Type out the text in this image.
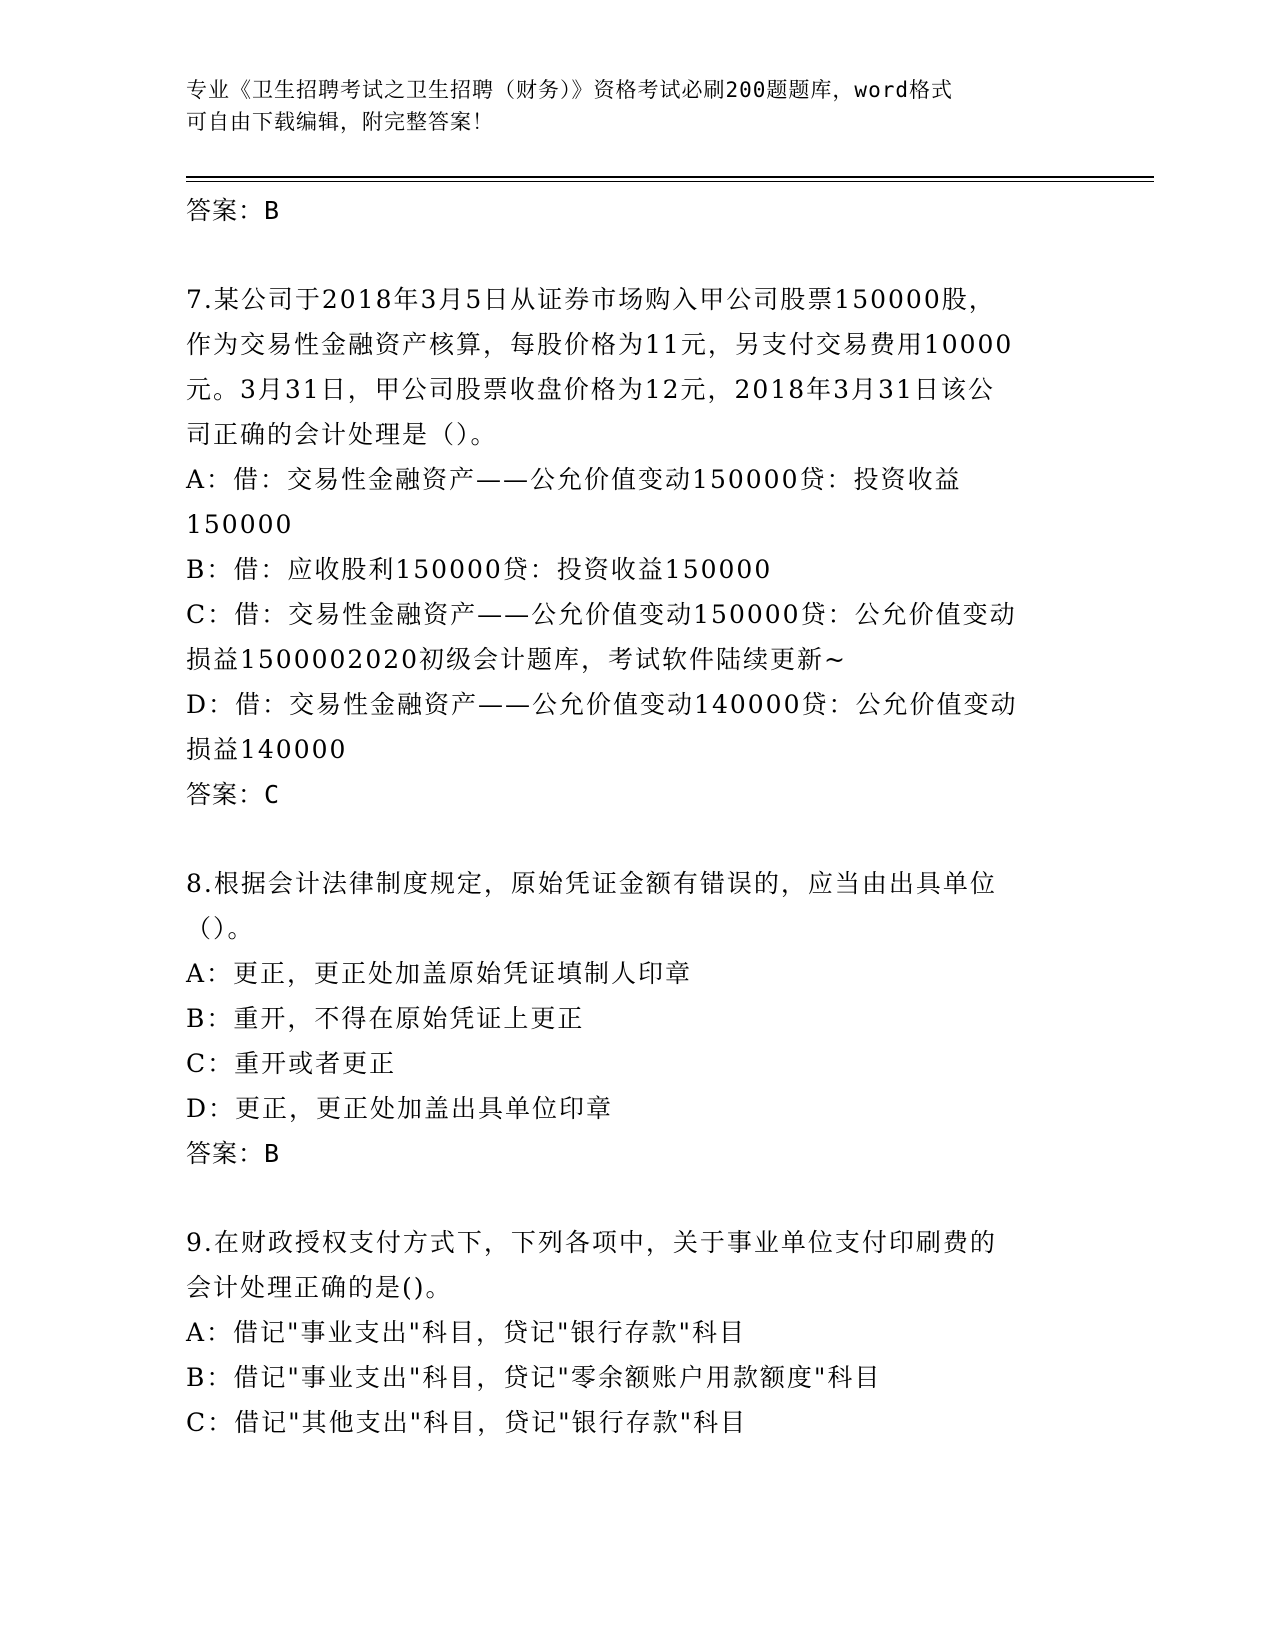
专业《卫生招聘考试之卫生招聘（财务）》资格考试必刷200题题库，word格式
可自由下载编辑，附完整答案！

答案：B

7.某公司于2018年3月5日从证券市场购入甲公司股票150000股，

作为交易性金融资产核算，每股价格为11元，另支付交易费用10000

元。3月31日，甲公司股票收盘价格为12元，2018年3月31日该公

司正确的会计处理是（）。

A：借：交易性金融资产——公允价值变动150000贷：投资收益

150000

B：借：应收股利150000贷：投资收益150000

C：借：交易性金融资产——公允价值变动150000贷：公允价值变动

损益1500002020初级会计题库，考试软件陆续更新~

D：借：交易性金融资产——公允价值变动140000贷：公允价值变动

损益140000

答案：C

8.根据会计法律制度规定，原始凭证金额有错误的，应当由出具单位

（）。

A：更正，更正处加盖原始凭证填制人印章

B：重开，不得在原始凭证上更正

C：重开或者更正

D：更正，更正处加盖出具单位印章

答案：B

9.在财政授权支付方式下，下列各项中，关于事业单位支付印刷费的

会计处理正确的是()。

A：借记"事业支出"科目，贷记"银行存款"科目

B：借记"事业支出"科目，贷记"零余额账户用款额度"科目

C：借记"其他支出"科目，贷记"银行存款"科目
